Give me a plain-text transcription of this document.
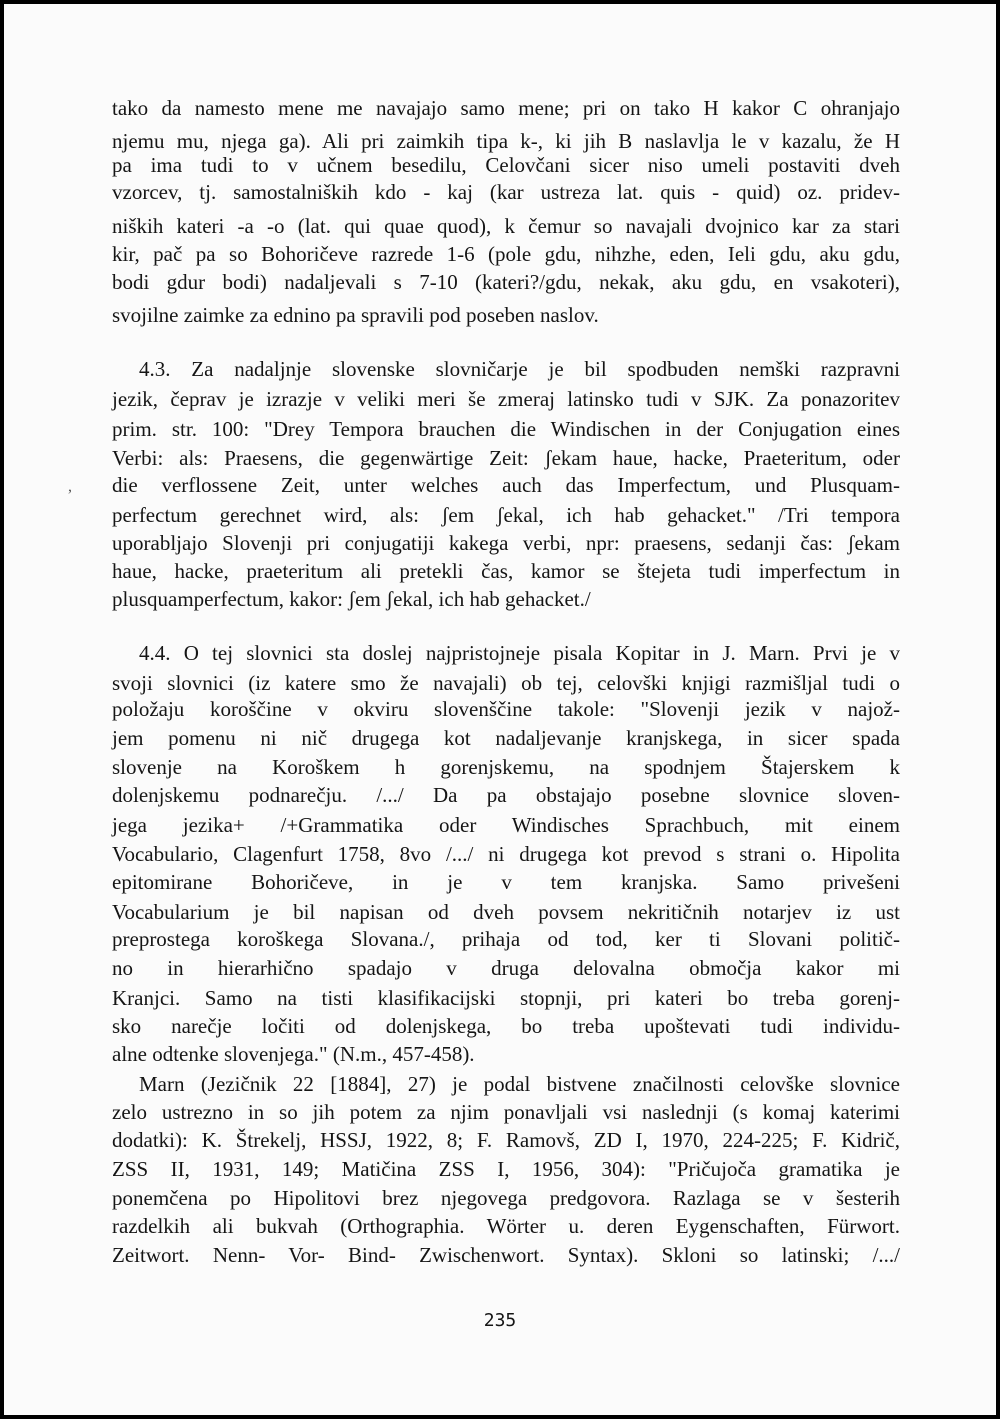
tako da namesto mene me navajajo samo mene; pri on tako H kakor C ohranjajo
njemu mu, njega ga). Ali pri zaimkih tipa k-, ki jih B naslavlja le v kazalu, že H
pa ima tudi to v učnem besedilu, Celovčani sicer niso umeli postaviti dveh
vzorcev, tj. samostalniških kdo - kaj (kar ustreza lat. quis - quid) oz. pridev-
niških kateri -a -o (lat. qui quae quod), k čemur so navajali dvojnico kar za stari
kir, pač pa so Bohoričeve razrede 1-6 (pole gdu, nihzhe, eden, Ieli gdu, aku gdu,
bodi gdur bodi) nadaljevali s 7-10 (kateri?/gdu, nekak, aku gdu, en vsakoteri),
svojilne zaimke za ednino pa spravili pod poseben naslov.
4.3. Za nadaljnje slovenske slovničarje je bil spodbuden nemški razpravni
jezik, čeprav je izrazje v veliki meri še zmeraj latinsko tudi v SJK. Za ponazoritev
prim. str. 100: "Drey Tempora brauchen die Windischen in der Conjugation eines
Verbi: als: Praesens, die gegenwärtige Zeit: ʃekam haue, hacke, Praeteritum, oder
, die verflossene Zeit, unter welches auch das Imperfectum, und Plusquam-
perfectum gerechnet wird, als: ʃem ʃekal, ich hab gehacket." /Tri tempora
uporabljajo Slovenji pri conjugatiji kakega verbi, npr: praesens, sedanji čas: ʃekam
haue, hacke, praeteritum ali pretekli čas, kamor se štejeta tudi imperfectum in
plusquamperfectum, kakor: ʃem ʃekal, ich hab gehacket./
4.4. O tej slovnici sta doslej najpristojneje pisala Kopitar in J. Marn. Prvi je v
svoji slovnici (iz katere smo že navajali) ob tej, celovški knjigi razmišljal tudi o
položaju koroščine v okviru slovenščine takole: "Slovenji jezik v najož-
jem pomenu ni nič drugega kot nadaljevanje kranjskega, in sicer spada
slovenje na Koroškem h gorenjskemu, na spodnjem Štajerskem k
dolenjskemu podnarečju. /.../ Da pa obstajajo posebne slovnice sloven-
jega jezika+ /+Grammatika oder Windisches Sprachbuch, mit einem
Vocabulario, Clagenfurt 1758, 8vo /.../ ni drugega kot prevod s strani o. Hipolita
epitomirane Bohoričeve, in je v tem kranjska. Samo privešeni
Vocabularium je bil napisan od dveh povsem nekritičnih notarjev iz ust
preprostega koroškega Slovana./, prihaja od tod, ker ti Slovani politič-
no in hierarhično spadajo v druga delovalna območja kakor mi
Kranjci. Samo na tisti klasifikacijski stopnji, pri kateri bo treba gorenj-
sko narečje ločiti od dolenjskega, bo treba upoštevati tudi individu-
alne odtenke slovenjega." (N.m., 457-458).
Marn (Jezičnik 22 [1884], 27) je podal bistvene značilnosti celovške slovnice
zelo ustrezno in so jih potem za njim ponavljali vsi naslednji (s komaj katerimi
dodatki): K. Štrekelj, HSSJ, 1922, 8; F. Ramovš, ZD I, 1970, 224-225; F. Kidrič,
ZSS II, 1931, 149; Matičina ZSS I, 1956, 304): "Pričujoča gramatika je
ponemčena po Hipolitovi brez njegovega predgovora. Razlaga se v šesterih
razdelkih ali bukvah (Orthographia. Wörter u. deren Eygenschaften, Fürwort.
Zeitwort. Nenn- Vor- Bind- Zwischenwort. Syntax). Skloni so latinski; /.../
235
